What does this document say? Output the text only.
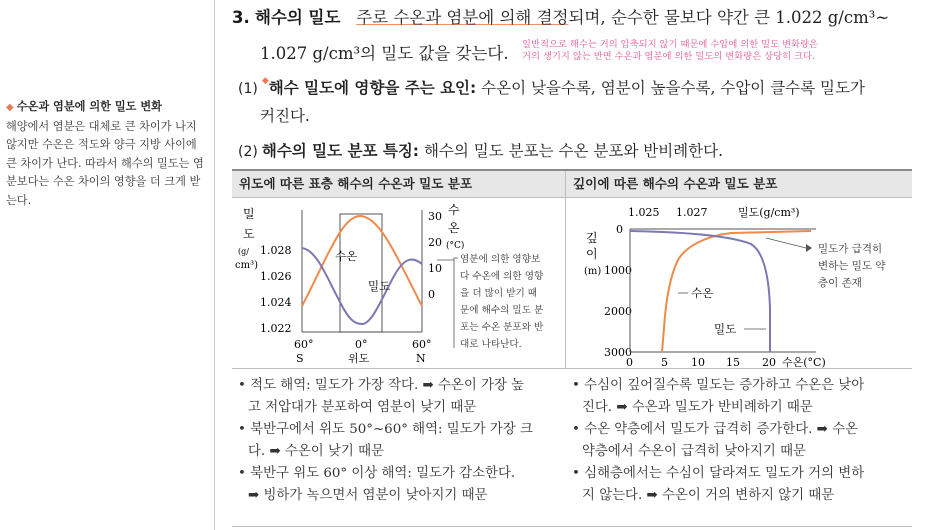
◆ 수온과 염분에 의한 밀도 변화
해양에서 염분은 대체로 큰 차이가 나지 않지만 수온은 적도와 양극 지방 사이에 큰 차이가 난다. 따라서 해수의 밀도는 염분보다는 수온 차이의 영향을 더 크게 받는다.
3. 해수의 밀도 주로 수온과 염분에 의해 결정되며, 순수한 물보다 약간 큰 1.022 g/cm³~
1.027 g/cm³의 밀도 값을 갖는다. 일반적으로 해수는 거의 압축되지 않기 때문에 수압에 의한 밀도 변화량은
거의 생기지 않는 반면 수온과 염분에 의한 밀도의 변화량은 상당히 크다.
(1) ◆해수 밀도에 영향을 주는 요인: 수온이 낮을수록, 염분이 높을수록, 수압이 클수록 밀도가
커진다.
(2) 해수의 밀도 분포 특징: 해수의 밀도 분포는 수온 분포와 반비례한다.
위도에 따른 표층 해수의 수온과 밀도 분포	깊이에 따른 해수의 수온과 밀도 분포
밀
도
(g/
cm³)
1.028
1.026
1.024
1.022
30
20
10
0
수
온
(°C)
수온
밀도
60°	0°	60°
S	위도	N
염분에 의한 영향보
다 수온에 의한 영향
을 더 많이 받기 때
문에 해수의 밀도 분
포는 수온 분포와 반
대로 나타난다.
1.025 1.027	밀도(g/cm³)
깊
이
(m)
0
1000
2000
3000
수온
밀도
0	5 10 15 20 수온(°C)
밀도가 급격히
변하는 밀도 약
층이 존재

• 적도 해역: 밀도가 가장 작다. ➡ 수온이 가장 높

고 저압대가 분포하여 염분이 낮기 때문

• 북반구에서 위도 50°~60° 해역: 밀도가 가장 크

다. ➡ 수온이 낮기 때문

• 북반구 위도 60° 이상 해역: 밀도가 감소한다.

➡ 빙하가 녹으면서 염분이 낮아지기 때문

• 수심이 깊어질수록 밀도는 증가하고 수온은 낮아

진다. ➡ 수온과 밀도가 반비례하기 때문

• 수온 약층에서 밀도가 급격히 증가한다. ➡ 수온

약층에서 수온이 급격히 낮아지기 때문

• 심해층에서는 수심이 달라져도 밀도가 거의 변하

지 않는다. ➡ 수온이 거의 변하지 않기 때문
